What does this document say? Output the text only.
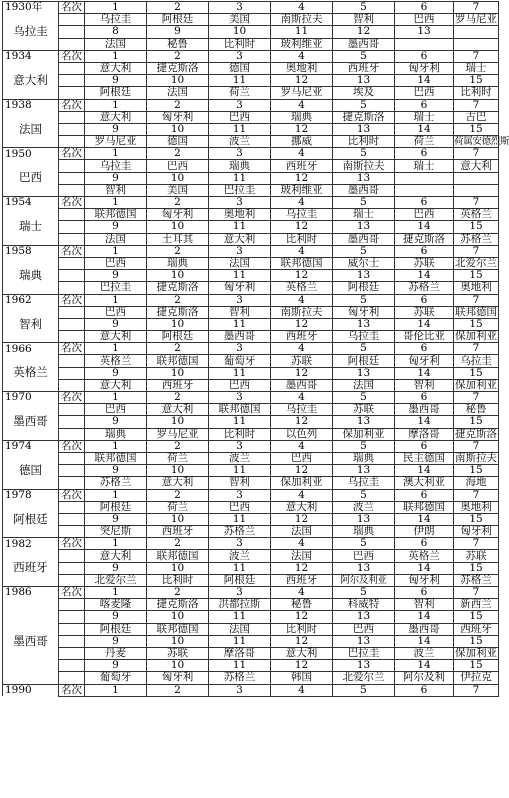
1930年	名次	1	2	3	4	5	6	7
乌拉圭		乌拉圭	阿根廷	美国	南斯拉夫	智利	巴西	罗马尼亚
		8	9	10	11	12	13	
		法国	秘鲁	比利时	玻利维亚	墨西哥		
1934	名次	1	2	3	4	5	6	7
意大利		意大利	捷克斯洛	德国	奥地利	西班牙	匈牙利	瑞士
		9	10	11	12	13	14	15
		阿根廷	法国	荷兰	罗马尼亚	埃及	巴西	比利时
1938	名次	1	2	3	4	5	6	7
法国		意大利	匈牙利	巴西	瑞典	捷克斯洛	瑞士	古巴
		9	10	11	12	13	14	15
		罗马尼亚	德国	波兰	挪威	比利时	荷兰	荷属安德烈斯
1950	名次	1	2	3	4	5	6	7
巴西		乌拉圭	巴西	瑞典	西班牙	南斯拉夫	瑞士	意大利
		9	10	11	12	13		
		智利	美国	巴拉圭	玻利维亚	墨西哥		
1954	名次	1	2	3	4	5	6	7
瑞士		联邦德国	匈牙利	奥地利	乌拉圭	瑞士	巴西	英格兰
		9	10	11	12	13	14	15
		法国	土耳其	意大利	比利时	墨西哥	捷克斯洛	苏格兰
1958	名次	1	2	3	4	5	6	7
瑞典		巴西	瑞典	法国	联邦德国	威尔士	苏联	北爱尔兰
		9	10	11	12	13	14	15
		巴拉圭	捷克斯洛	匈牙利	英格兰	阿根廷	苏格兰	奥地利
1962	名次	1	2	3	4	5	6	7
智利		巴西	捷克斯洛	智利	南斯拉夫	匈牙利	苏联	联邦德国
		9	10	11	12	13	14	15
		意大利	阿根廷	墨西哥	西班牙	乌拉圭	哥伦比亚	保加利亚
1966	名次	1	2	3	4	5	6	7
英格兰		英格兰	联邦德国	葡萄牙	苏联	阿根廷	匈牙利	乌拉圭
		9	10	11	12	13	14	15
		意大利	西班牙	巴西	墨西哥	法国	智利	保加利亚
1970	名次	1	2	3	4	5	6	7
墨西哥		巴西	意大利	联邦德国	乌拉圭	苏联	墨西哥	秘鲁
		9	10	11	12	13	14	15
		瑞典	罗马尼亚	比利时	以色列	保加利亚	摩洛哥	捷克斯洛
1974	名次	1	2	3	4	5	6	7
德国		联邦德国	荷兰	波兰	巴西	瑞典	民主德国	南斯拉夫
		9	10	11	12	13	14	15
		苏格兰	意大利	智利	保加利亚	乌拉圭	澳大利亚	海地
1978	名次	1	2	3	4	5	6	7
阿根廷		阿根廷	荷兰	巴西	意大利	波兰	联邦德国	奥地利
		9	10	11	12	13	14	15
		突尼斯	西班牙	苏格兰	法国	瑞典	伊朗	匈牙利
1982	名次	1	2	3	4	5	6	7
西班牙		意大利	联邦德国	波兰	法国	巴西	英格兰	苏联
		9	10	11	12	13	14	15
		北爱尔兰	比利时	阿根廷	西班牙	阿尔及利亚	匈牙利	苏格兰
1986	名次	1	2	3	4	5	6	7
墨西哥		喀麦隆	捷克斯洛	洪都拉斯	秘鲁	科威特	智利	新西兰
		9	10	11	12	13	14	15
		阿根廷	联邦德国	法国	比利时	巴西	墨西哥	西班牙
		9	10	11	12	13	14	15
		丹麦	苏联	摩洛哥	意大利	巴拉圭	波兰	保加利亚
		9	10	11	12	13	14	15
		葡萄牙	匈牙利	苏格兰	韩国	北爱尔兰	阿尔及利	伊拉克
1990	名次	1	2	3	4	5	6	7
